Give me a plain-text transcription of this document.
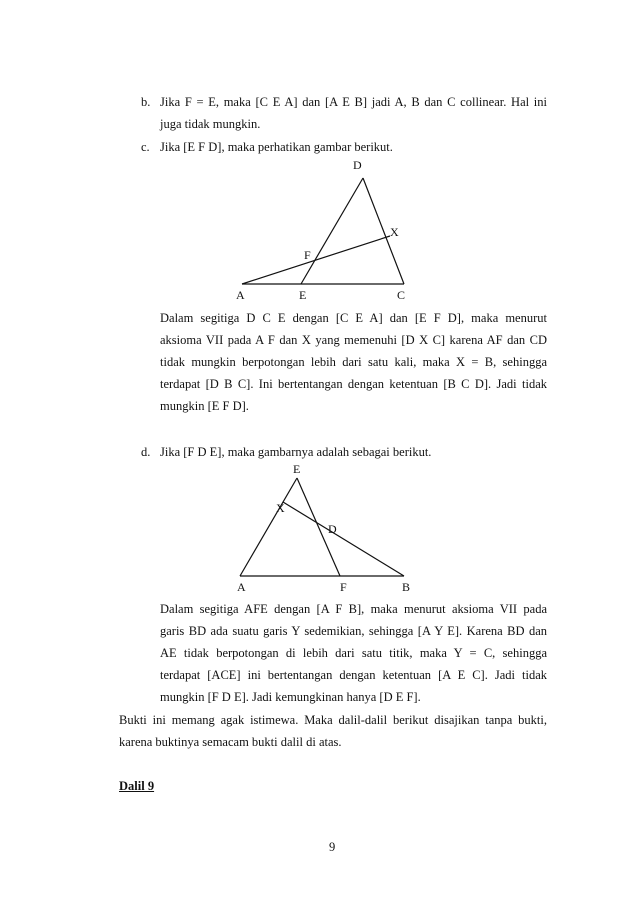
b. Jika F = E, maka [C E A] dan [A E B] jadi A, B dan C collinear. Hal ini
juga tidak mungkin.
c. Jika [E F D], maka perhatikan gambar berikut.
D
X
F
A	E	C
Dalam segitiga D C E dengan [C E A] dan [E F D], maka menurut
aksioma VII pada A F dan X yang memenuhi [D X C] karena AF dan CD
tidak mungkin berpotongan lebih dari satu kali, maka X = B, sehingga
terdapat [D B C]. Ini bertentangan dengan ketentuan [B C D]. Jadi tidak
mungkin [E F D].
d. Jika [F D E], maka gambarnya adalah sebagai berikut.
E
X
D
A	F	B
Dalam segitiga AFE dengan [A F B], maka menurut aksioma VII pada
garis BD ada suatu garis Y sedemikian, sehingga [A Y E]. Karena BD dan
AE tidak berpotongan di lebih dari satu titik, maka Y = C, sehingga
terdapat [ACE] ini bertentangan dengan ketentuan [A E C]. Jadi tidak
mungkin [F D E]. Jadi kemungkinan hanya [D E F].
Bukti ini memang agak istimewa. Maka dalil-dalil berikut disajikan tanpa bukti,
karena buktinya semacam bukti dalil di atas.
Dalil 9
9
